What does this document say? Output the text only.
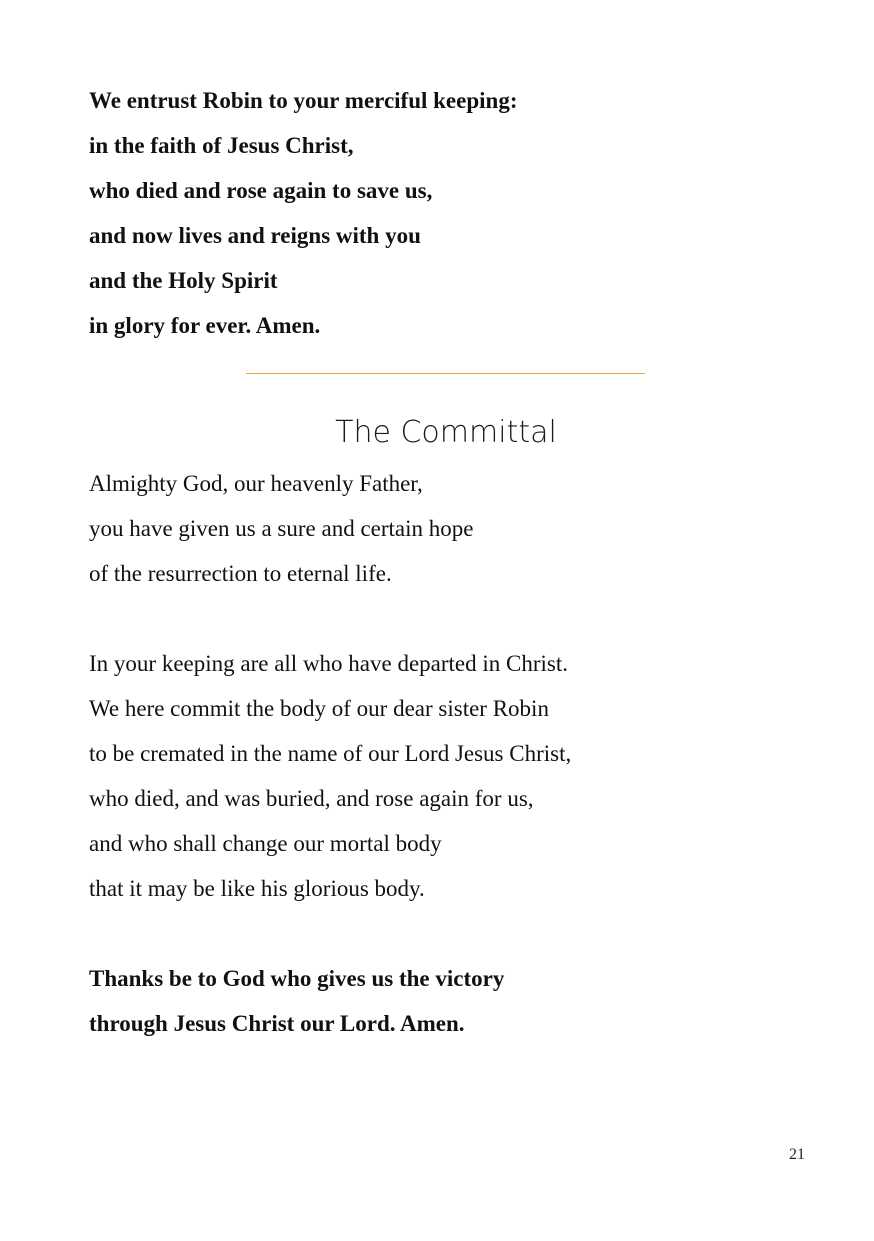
We entrust Robin to your merciful keeping:

in the faith of Jesus Christ,

who died and rose again to save us,

and now lives and reigns with you

and the Holy Spirit

in glory for ever. Amen.

The Committal

Almighty God, our heavenly Father,

you have given us a sure and certain hope

of the resurrection to eternal life.

In your keeping are all who have departed in Christ.

We here commit the body of our dear sister Robin

to be cremated in the name of our Lord Jesus Christ,

who died, and was buried, and rose again for us,

and who shall change our mortal body

that it may be like his glorious body.

Thanks be to God who gives us the victory

through Jesus Christ our Lord. Amen.

21
